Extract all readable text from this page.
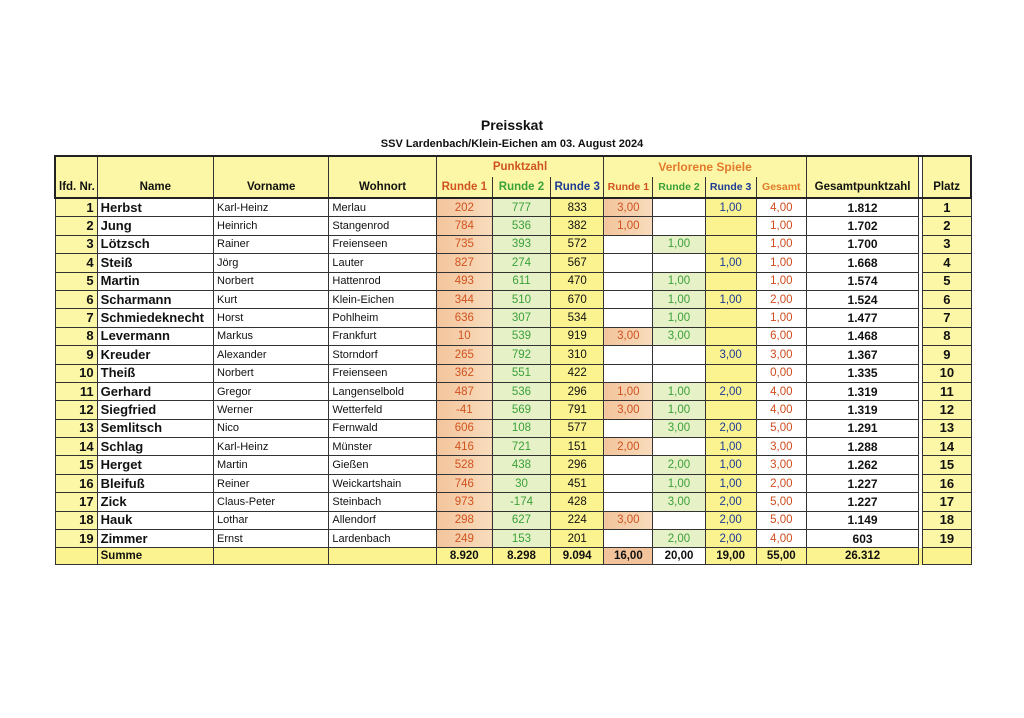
Preisskat
SSV Lardenbach/Klein-Eichen am 03. August 2024
				Punktzahl			Verlorene Spiele						
lfd. Nr.	Name	Vorname	Wohnort	Runde 1	Runde 2	Runde 3	Runde 1	Runde 2	Runde 3	Gesamt	Gesamtpunktzahl		Platz
1	Herbst	Karl-Heinz	Merlau	202	777	833	3,00		1,00	4,00	1.812		1
2	Jung	Heinrich	Stangenrod	784	536	382	1,00			1,00	1.702		2
3	Lötzsch	Rainer	Freienseen	735	393	572		1,00		1,00	1.700		3
4	Steiß	Jörg	Lauter	827	274	567			1,00	1,00	1.668		4
5	Martin	Norbert	Hattenrod	493	611	470		1,00		1,00	1.574		5
6	Scharmann	Kurt	Klein-Eichen	344	510	670		1,00	1,00	2,00	1.524		6
7	Schmiedeknecht	Horst	Pohlheim	636	307	534		1,00		1,00	1.477		7
8	Levermann	Markus	Frankfurt	10	539	919	3,00	3,00		6,00	1.468		8
9	Kreuder	Alexander	Storndorf	265	792	310			3,00	3,00	1.367		9
10	Theiß	Norbert	Freienseen	362	551	422				0,00	1.335		10
11	Gerhard	Gregor	Langenselbold	487	536	296	1,00	1,00	2,00	4,00	1.319		11
12	Siegfried	Werner	Wetterfeld	-41	569	791	3,00	1,00		4,00	1.319		12
13	Semlitsch	Nico	Fernwald	606	108	577		3,00	2,00	5,00	1.291		13
14	Schlag	Karl-Heinz	Münster	416	721	151	2,00		1,00	3,00	1.288		14
15	Herget	Martin	Gießen	528	438	296		2,00	1,00	3,00	1.262		15
16	Bleifuß	Reiner	Weickartshain	746	30	451		1,00	1,00	2,00	1.227		16
17	Zick	Claus-Peter	Steinbach	973	-174	428		3,00	2,00	5,00	1.227		17
18	Hauk	Lothar	Allendorf	298	627	224	3,00		2,00	5,00	1.149		18
19	Zimmer	Ernst	Lardenbach	249	153	201		2,00	2,00	4,00	603		19
	Summe			8.920	8.298	9.094	16,00	20,00	19,00	55,00	26.312		
